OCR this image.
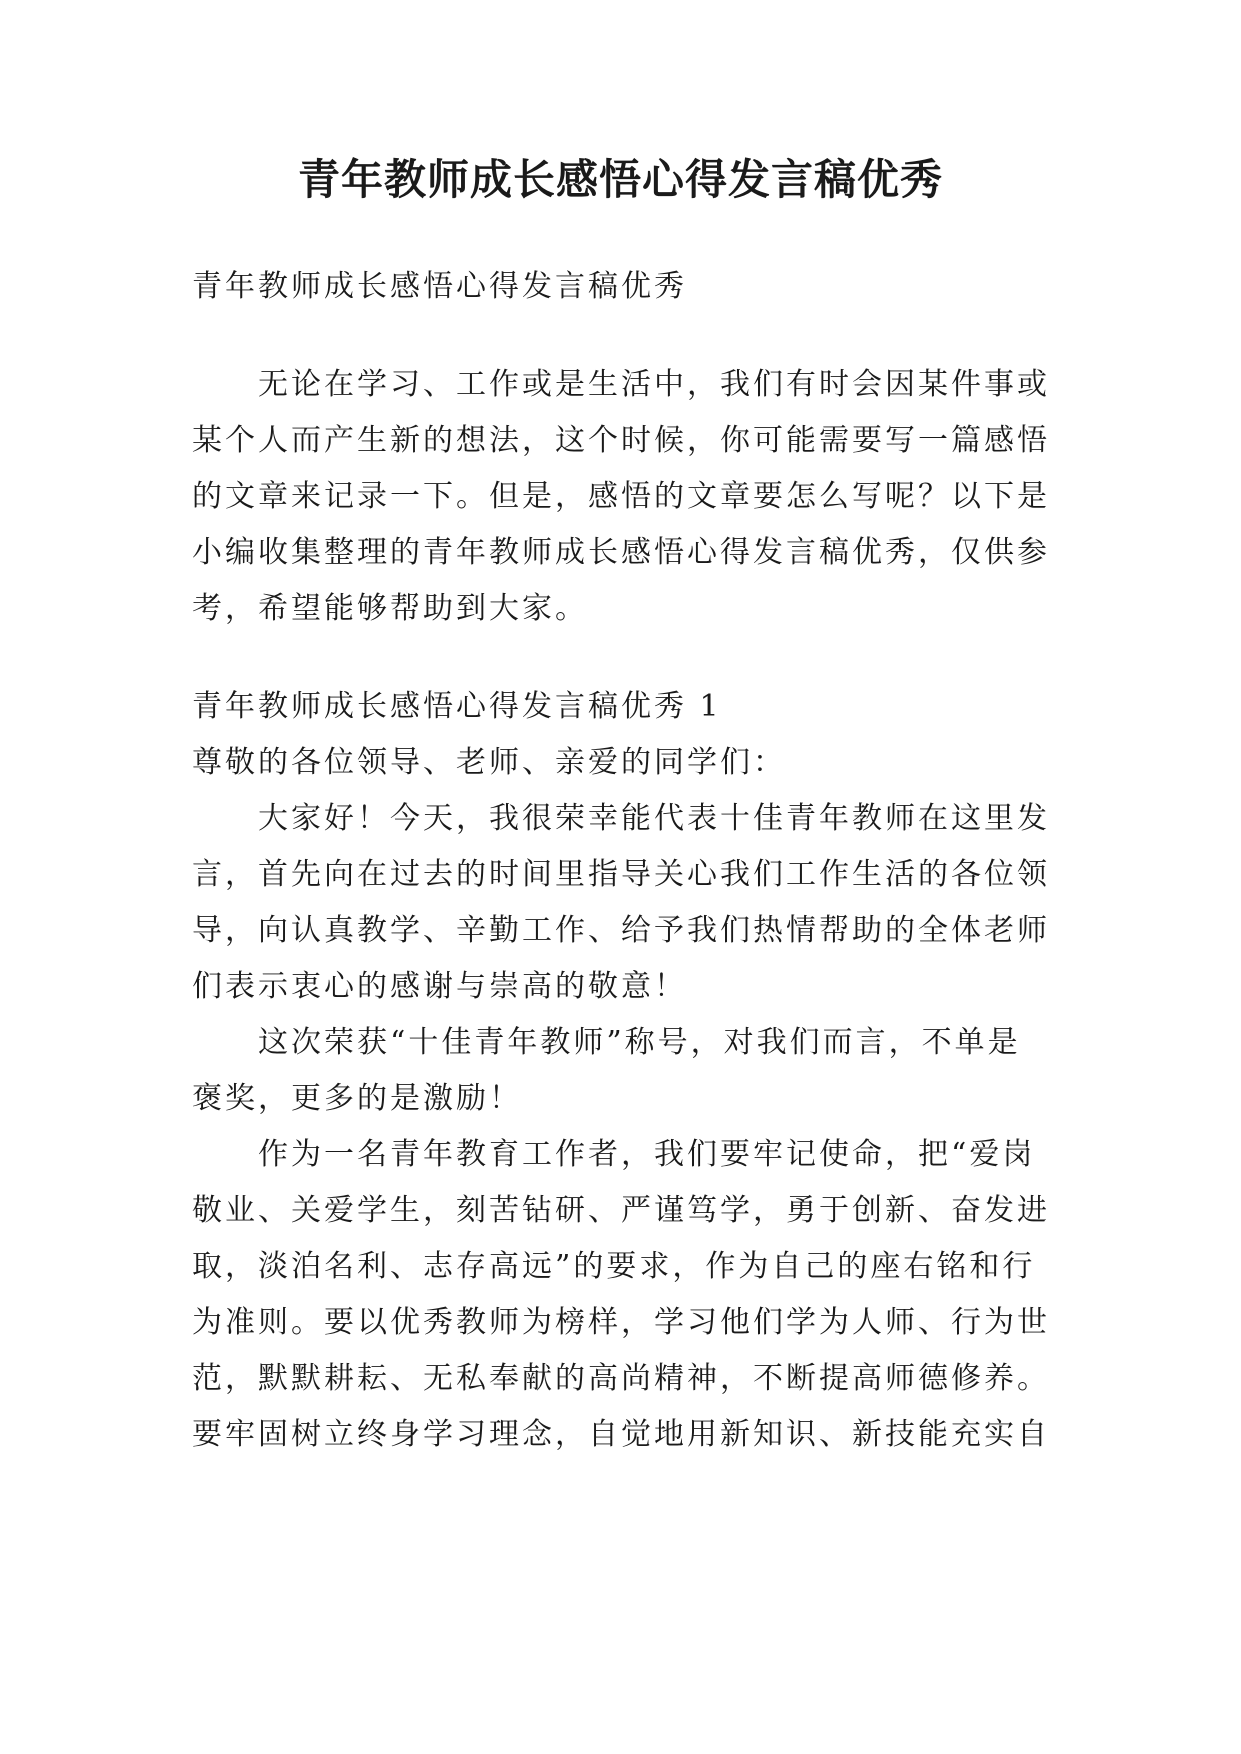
青年教师成长感悟心得发言稿优秀

青年教师成长感悟心得发言稿优秀

无论在学习、工作或是生活中，我们有时会因某件事或某个人而产生新的想法，这个时候，你可能需要写一篇感悟的文章来记录一下。但是，感悟的文章要怎么写呢？以下是小编收集整理的青年教师成长感悟心得发言稿优秀，仅供参考，希望能够帮助到大家。

青年教师成长感悟心得发言稿优秀 1

尊敬的各位领导、老师、亲爱的同学们：

大家好！今天，我很荣幸能代表十佳青年教师在这里发言，首先向在过去的时间里指导关心我们工作生活的各位领导，向认真教学、辛勤工作、给予我们热情帮助的全体老师们表示衷心的感谢与崇高的敬意！

这次荣获“十佳青年教师”称号，对我们而言，不单是褒奖，更多的是激励！

作为一名青年教育工作者，我们要牢记使命，把“爱岗敬业、关爱学生，刻苦钻研、严谨笃学，勇于创新、奋发进取，淡泊名利、志存高远”的要求，作为自己的座右铭和行为准则。要以优秀教师为榜样，学习他们学为人师、行为世范，默默耕耘、无私奉献的高尚精神，不断提高师德修养。要牢固树立终身学习理念，自觉地用新知识、新技能充实自
